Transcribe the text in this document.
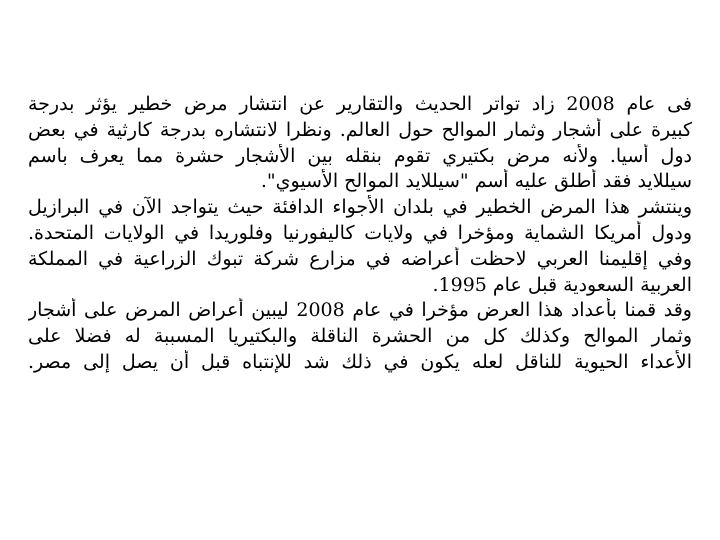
فى عام 2008 زاد تواتر الحديث والتقارير عن انتشار مرض خطير يؤثر بدرجة
كبيرة على أشجار وثمار الموالح حول العالم. ونظرا لانتشاره بدرجة كارثية في بعض
دول أسيا. ولأنه مرض بكتيري تقوم بنقله بين الأشجار حشرة مما يعرف باسم
سيللايد فقد أطلق عليه أسم "سيللايد الموالح الأسيوي".
وينتشر هذا المرض الخطير في بلدان الأجواء الدافئة حيث يتواجد الآن في البرازيل
ودول أمريكا الشماية ومؤخرا في ولايات كاليفورنيا وفلوريدا في الولايات المتحدة.
وفي إقليمنا العربي لاحظت أعراضه في مزارع شركة تبوك الزراعية في المملكة
العربية السعودية قبل عام 1995.
وقد قمنا بأعداد هذا العرض مؤخرا في عام 2008 ليبين أعراض المرض على أشجار
وثمار الموالح وكذلك كل من الحشرة الناقلة والبكتيريا المسببة له فضلا على
الأعداء الحيوية للناقل لعله يكون في ذلك شد للإنتباه قبل أن يصل إلى مصر.
